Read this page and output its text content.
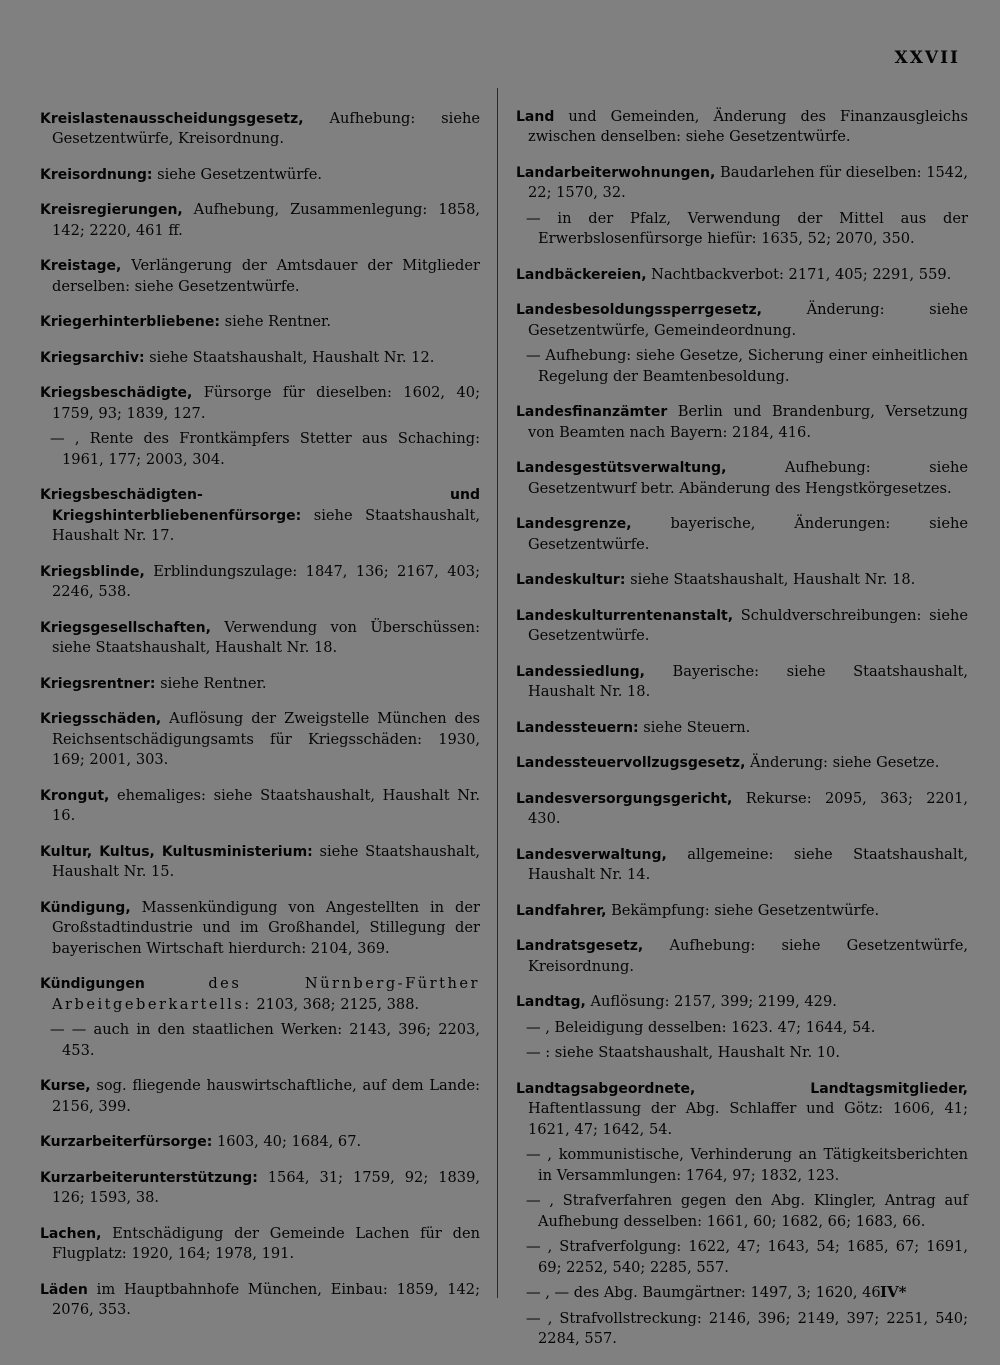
XXVII

Kreislastenausscheidungsgesetz, Aufhebung: siehe Gesetzentwürfe, Kreisordnung.

Kreisordnung: siehe Gesetzentwürfe.

Kreisregierungen, Aufhebung, Zusammenlegung: 1858, 142; 2220, 461 ff.

Kreistage, Verlängerung der Amtsdauer der Mitglieder derselben: siehe Gesetzentwürfe.

Kriegerhinterbliebene: siehe Rentner.

Kriegsarchiv: siehe Staatshaushalt, Haushalt Nr. 12.

Kriegsbeschädigte, Fürsorge für dieselben: 1602, 40; 1759, 93; 1839, 127.

— , Rente des Frontkämpfers Stetter aus Schaching: 1961, 177; 2003, 304.

Kriegsbeschädigten- und Kriegshinterbliebenenfürsorge: siehe Staatshaushalt, Haushalt Nr. 17.

Kriegsblinde, Erblindungszulage: 1847, 136; 2167, 403; 2246, 538.

Kriegsgesellschaften, Verwendung von Überschüssen: siehe Staatshaushalt, Haushalt Nr. 18.

Kriegsrentner: siehe Rentner.

Kriegsschäden, Auflösung der Zweigstelle München des Reichsentschädigungsamts für Kriegsschäden: 1930, 169; 2001, 303.

Krongut, ehemaliges: siehe Staatshaushalt, Haushalt Nr. 16.

Kultur, Kultus, Kultusministerium: siehe Staatshaushalt, Haushalt Nr. 15.

Kündigung, Massenkündigung von Angestellten in der Großstadtindustrie und im Großhandel, Stillegung der bayerischen Wirtschaft hierdurch: 2104, 369.

Kündigungen des Nürnberg-Fürther Arbeitgeberkartells: 2103, 368; 2125, 388.

— — auch in den staatlichen Werken: 2143, 396; 2203, 453.

Kurse, sog. fliegende hauswirtschaftliche, auf dem Lande: 2156, 399.

Kurzarbeiterfürsorge: 1603, 40; 1684, 67.

Kurzarbeiterunterstützung: 1564, 31; 1759, 92; 1839, 126; 1593, 38.

Lachen, Entschädigung der Gemeinde Lachen für den Flugplatz: 1920, 164; 1978, 191.

Läden im Hauptbahnhofe München, Einbau: 1859, 142; 2076, 353.

Land und Gemeinden, Änderung des Finanzausgleichs zwischen denselben: siehe Gesetzentwürfe.

Landarbeiterwohnungen, Baudarlehen für dieselben: 1542, 22; 1570, 32.

— in der Pfalz, Verwendung der Mittel aus der Erwerbslosenfürsorge hiefür: 1635, 52; 2070, 350.

Landbäckereien, Nachtbackverbot: 2171, 405; 2291, 559.

Landesbesoldungssperrgesetz, Änderung: siehe Gesetzentwürfe, Gemeindeordnung.

— Aufhebung: siehe Gesetze, Sicherung einer einheitlichen Regelung der Beamtenbesoldung.

Landesfinanzämter Berlin und Brandenburg, Versetzung von Beamten nach Bayern: 2184, 416.

Landesgestütsverwaltung, Aufhebung: siehe Gesetzentwurf betr. Abänderung des Hengstkörgesetzes.

Landesgrenze, bayerische, Änderungen: siehe Gesetzentwürfe.

Landeskultur: siehe Staatshaushalt, Haushalt Nr. 18.

Landeskulturrentenanstalt, Schuldverschreibungen: siehe Gesetzentwürfe.

Landessiedlung, Bayerische: siehe Staatshaushalt, Haushalt Nr. 18.

Landessteuern: siehe Steuern.

Landessteuervollzugsgesetz, Änderung: siehe Gesetze.

Landesversorgungsgericht, Rekurse: 2095, 363; 2201, 430.

Landesverwaltung, allgemeine: siehe Staatshaushalt, Haushalt Nr. 14.

Landfahrer, Bekämpfung: siehe Gesetzentwürfe.

Landratsgesetz, Aufhebung: siehe Gesetzentwürfe, Kreisordnung.

Landtag, Auflösung: 2157, 399; 2199, 429.

— , Beleidigung desselben: 1623. 47; 1644, 54.

— : siehe Staatshaushalt, Haushalt Nr. 10.

Landtagsabgeordnete, Landtagsmitglieder, Haftentlassung der Abg. Schlaffer und Götz: 1606, 41; 1621, 47; 1642, 54.

— , kommunistische, Verhinderung an Tätigkeitsberichten in Versammlungen: 1764, 97; 1832, 123.

— , Strafverfahren gegen den Abg. Klingler, Antrag auf Aufhebung desselben: 1661, 60; 1682, 66; 1683, 66.

— , Strafverfolgung: 1622, 47; 1643, 54; 1685, 67; 1691, 69; 2252, 540; 2285, 557.

— , — des Abg. Baumgärtner: 1497, 3; 1620, 46.

— , Strafvollstreckung: 2146, 396; 2149, 397; 2251, 540; 2284, 557.

IV*
